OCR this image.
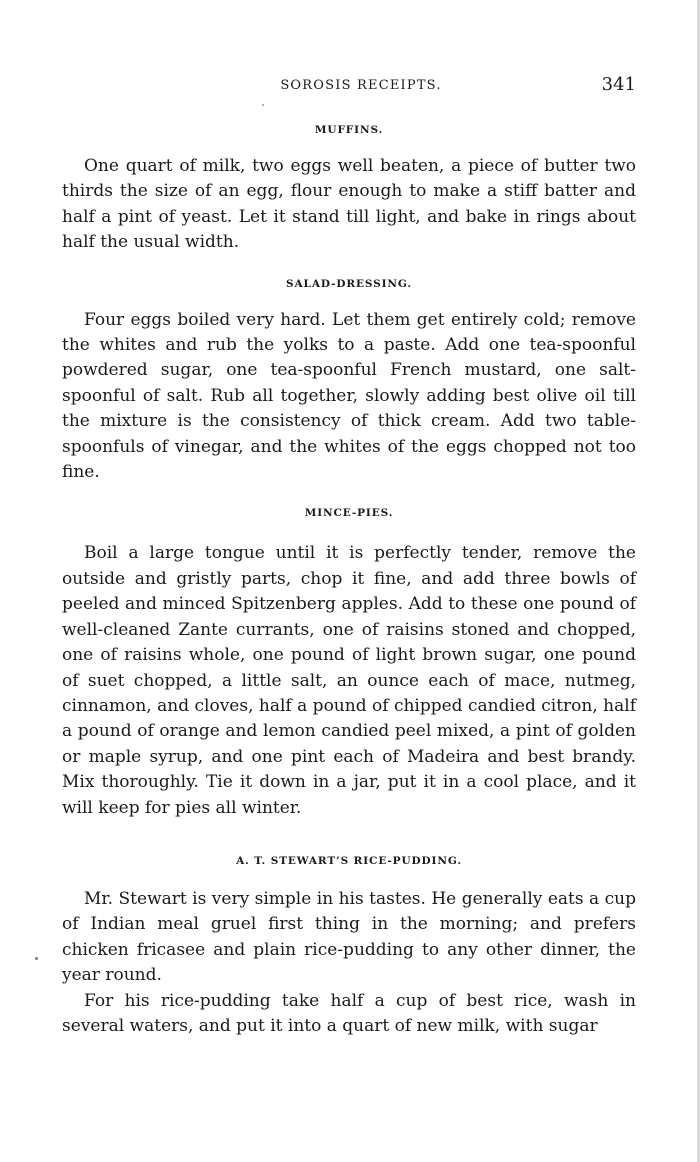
SOROSIS RECEIPTS.	341
MUFFINS.

One quart of milk, two eggs well beaten, a piece of butter two thirds the size of an egg, flour enough to make a stiff batter and half a pint of yeast. Let it stand till light, and bake in rings about half the usual width.

SALAD-DRESSING.

Four eggs boiled very hard. Let them get entirely cold; remove the whites and rub the yolks to a paste. Add one tea-spoonful powdered sugar, one tea-spoonful French mustard, one salt-spoonful of salt. Rub all together, slowly adding best olive oil till the mixture is the consistency of thick cream. Add two table-spoonfuls of vinegar, and the whites of the eggs chopped not too fine.

MINCE-PIES.

Boil a large tongue until it is perfectly tender, remove the outside and gristly parts, chop it fine, and add three bowls of peeled and minced Spitzenberg apples. Add to these one pound of well-cleaned Zante currants, one of raisins stoned and chopped, one of raisins whole, one pound of light brown sugar, one pound of suet chopped, a little salt, an ounce each of mace, nutmeg, cinnamon, and cloves, half a pound of chipped candied citron, half a pound of orange and lemon candied peel mixed, a pint of golden or maple syrup, and one pint each of Madeira and best brandy. Mix thoroughly. Tie it down in a jar, put it in a cool place, and it will keep for pies all winter.

A. T. STEWART’S RICE-PUDDING.

Mr. Stewart is very simple in his tastes. He generally eats a cup of Indian meal gruel first thing in the morning; and prefers chicken fricasee and plain rice-pudding to any other dinner, the year round.

For his rice-pudding take half a cup of best rice, wash in several waters, and put it into a quart of new milk, with sugar
